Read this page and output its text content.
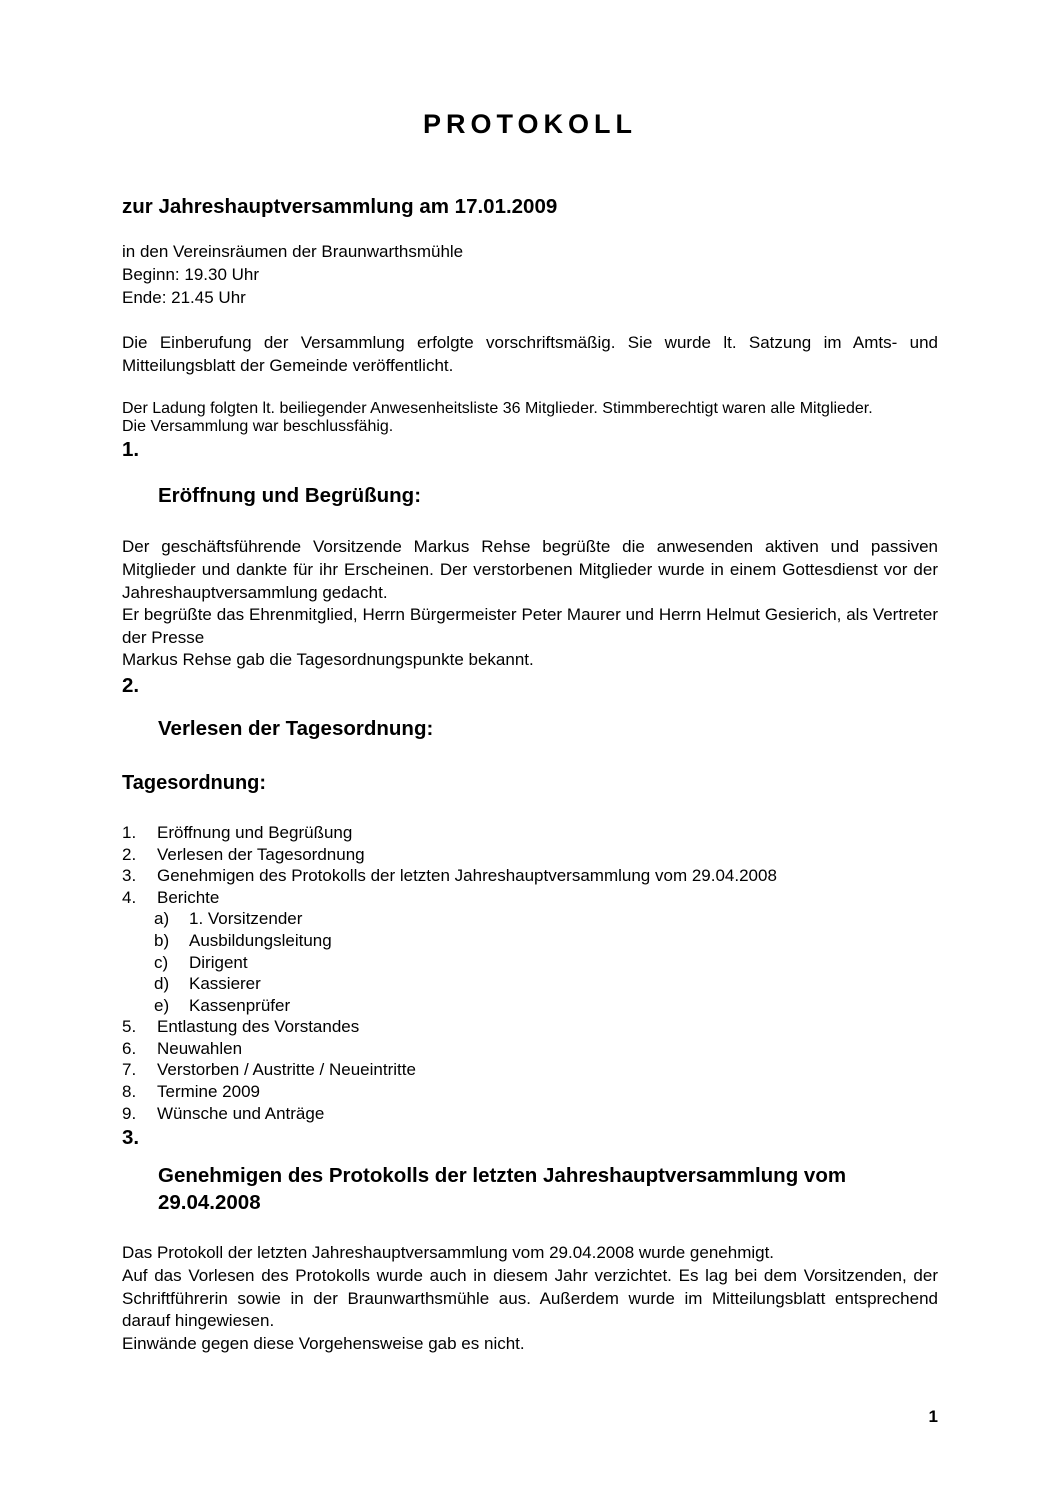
PROTOKOLL
zur Jahreshauptversammlung am 17.01.2009
in den Vereinsräumen der Braunwarthsmühle
Beginn: 19.30 Uhr
Ende: 21.45 Uhr

Die Einberufung der Versammlung erfolgte vorschriftsmäßig. Sie wurde lt. Satzung im Amts- und Mitteilungsblatt der Gemeinde veröffentlicht.

Der Ladung folgten lt. beiliegender Anwesenheitsliste 36 Mitglieder. Stimmberechtigt waren alle Mitglieder.
Die Versammlung war beschlussfähig.
1.
Eröffnung und Begrüßung:

Der geschäftsführende Vorsitzende Markus Rehse begrüßte die anwesenden aktiven und passiven Mitglieder und dankte für ihr Erscheinen. Der verstorbenen Mitglieder wurde in einem Gottesdienst vor der Jahreshauptversammlung gedacht.

Er begrüßte das Ehrenmitglied, Herrn Bürgermeister Peter Maurer und Herrn Helmut Gesierich, als Vertreter der Presse

Markus Rehse gab die Tagesordnungspunkte bekannt.

2.
Verlesen der Tagesordnung:
Tagesordnung:
1. Eröffnung und Begrüßung
2. Verlesen der Tagesordnung
3. Genehmigen des Protokolls der letzten Jahreshauptversammlung vom 29.04.2008
4. Berichte
a) 1. Vorsitzender
b) Ausbildungsleitung
c) Dirigent
d) Kassierer
e) Kassenprüfer
5. Entlastung des Vorstandes
6. Neuwahlen
7. Verstorben / Austritte / Neueintritte
8. Termine 2009
9. Wünsche und Anträge
3.
Genehmigen des Protokolls der letzten Jahreshauptversammlung vom 29.04.2008

Das Protokoll der letzten Jahreshauptversammlung vom 29.04.2008 wurde genehmigt.

Auf das Vorlesen des Protokolls wurde auch in diesem Jahr verzichtet. Es lag bei dem Vorsitzenden, der Schriftführerin sowie in der Braunwarthsmühle aus. Außerdem wurde im Mitteilungsblatt entsprechend darauf hingewiesen.

Einwände gegen diese Vorgehensweise gab es nicht.

1
